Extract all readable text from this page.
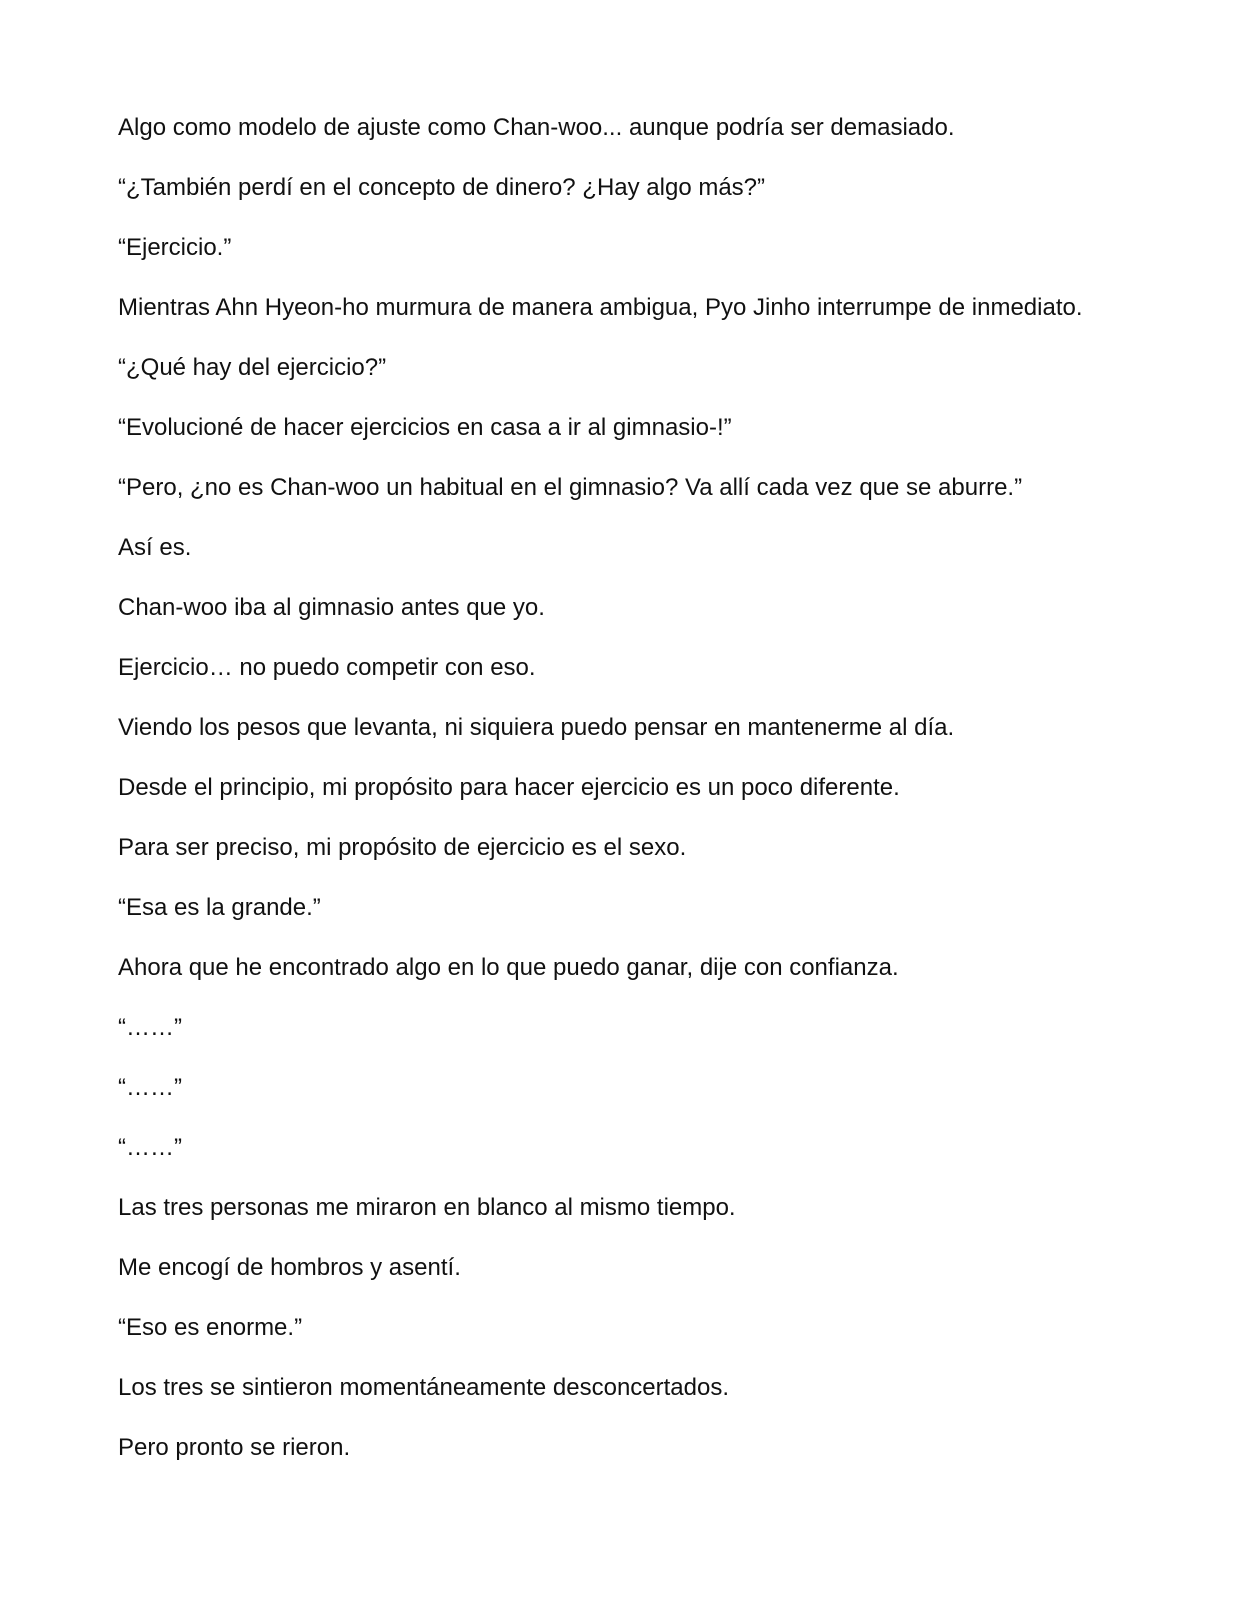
Algo como modelo de ajuste como Chan-woo... aunque podría ser demasiado.

“¿También perdí en el concepto de dinero? ¿Hay algo más?”

“Ejercicio.”

Mientras Ahn Hyeon-ho murmura de manera ambigua, Pyo Jinho interrumpe de inmediato.

“¿Qué hay del ejercicio?”

“Evolucioné de hacer ejercicios en casa a ir al gimnasio-!”

“Pero, ¿no es Chan-woo un habitual en el gimnasio? Va allí cada vez que se aburre.”

Así es.

Chan-woo iba al gimnasio antes que yo.

Ejercicio… no puedo competir con eso.

Viendo los pesos que levanta, ni siquiera puedo pensar en mantenerme al día.

Desde el principio, mi propósito para hacer ejercicio es un poco diferente.

Para ser preciso, mi propósito de ejercicio es el sexo.

“Esa es la grande.”

Ahora que he encontrado algo en lo que puedo ganar, dije con confianza.

“……”

“……”

“……”

Las tres personas me miraron en blanco al mismo tiempo.

Me encogí de hombros y asentí.

“Eso es enorme.”

Los tres se sintieron momentáneamente desconcertados.

Pero pronto se rieron.
